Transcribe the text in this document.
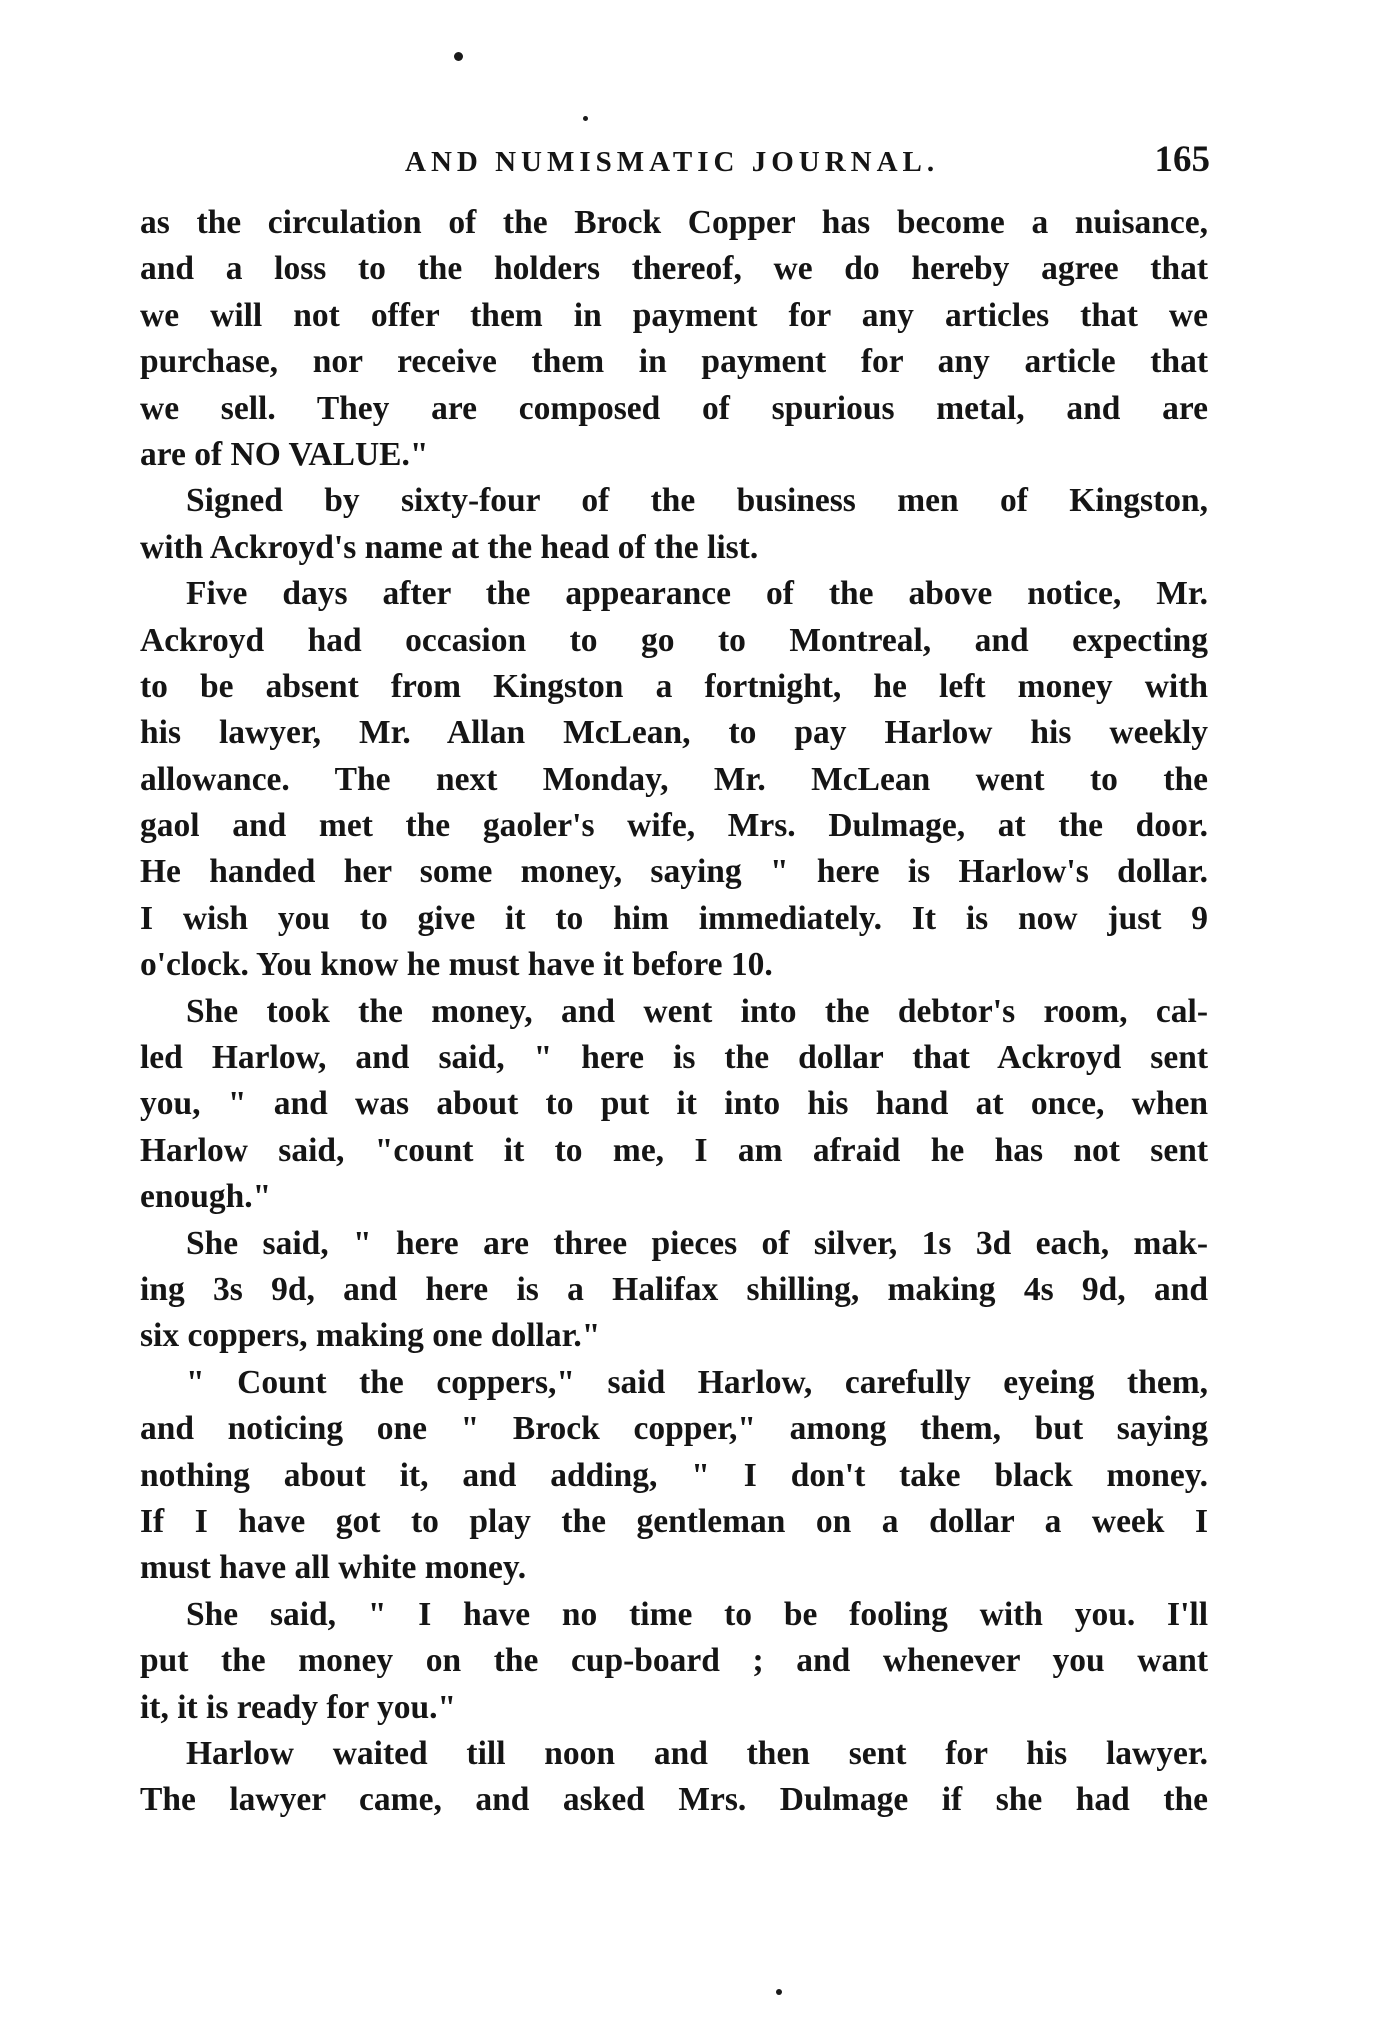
AND NUMISMATIC JOURNAL.	165
as the circulation of the Brock Copper has become a nuisance,
and a loss to the holders thereof, we do hereby agree that
we will not offer them in payment for any articles that we
purchase, nor receive them in payment for any article that
we sell. They are composed of spurious metal, and are
are of NO VALUE."
Signed by sixty-four of the business men of Kingston,
with Ackroyd's name at the head of the list.
Five days after the appearance of the above notice, Mr.
Ackroyd had occasion to go to Montreal, and expecting
to be absent from Kingston a fortnight, he left money with
his lawyer, Mr. Allan McLean, to pay Harlow his weekly
allowance. The next Monday, Mr. McLean went to the
gaol and met the gaoler's wife, Mrs. Dulmage, at the door.
He handed her some money, saying " here is Harlow's dollar.
I wish you to give it to him immediately. It is now just 9
o'clock. You know he must have it before 10.
She took the money, and went into the debtor's room, cal-
led Harlow, and said, " here is the dollar that Ackroyd sent
you, " and was about to put it into his hand at once, when
Harlow said, "count it to me, I am afraid he has not sent
enough."
She said, " here are three pieces of silver, 1s 3d each, mak-
ing 3s 9d, and here is a Halifax shilling, making 4s 9d, and
six coppers, making one dollar."
" Count the coppers," said Harlow, carefully eyeing them,
and noticing one " Brock copper," among them, but saying
nothing about it, and adding, " I don't take black money.
If I have got to play the gentleman on a dollar a week I
must have all white money.
She said, " I have no time to be fooling with you. I'll
put the money on the cup-board ; and whenever you want
it, it is ready for you."
Harlow waited till noon and then sent for his lawyer.
The lawyer came, and asked Mrs. Dulmage if she had the
